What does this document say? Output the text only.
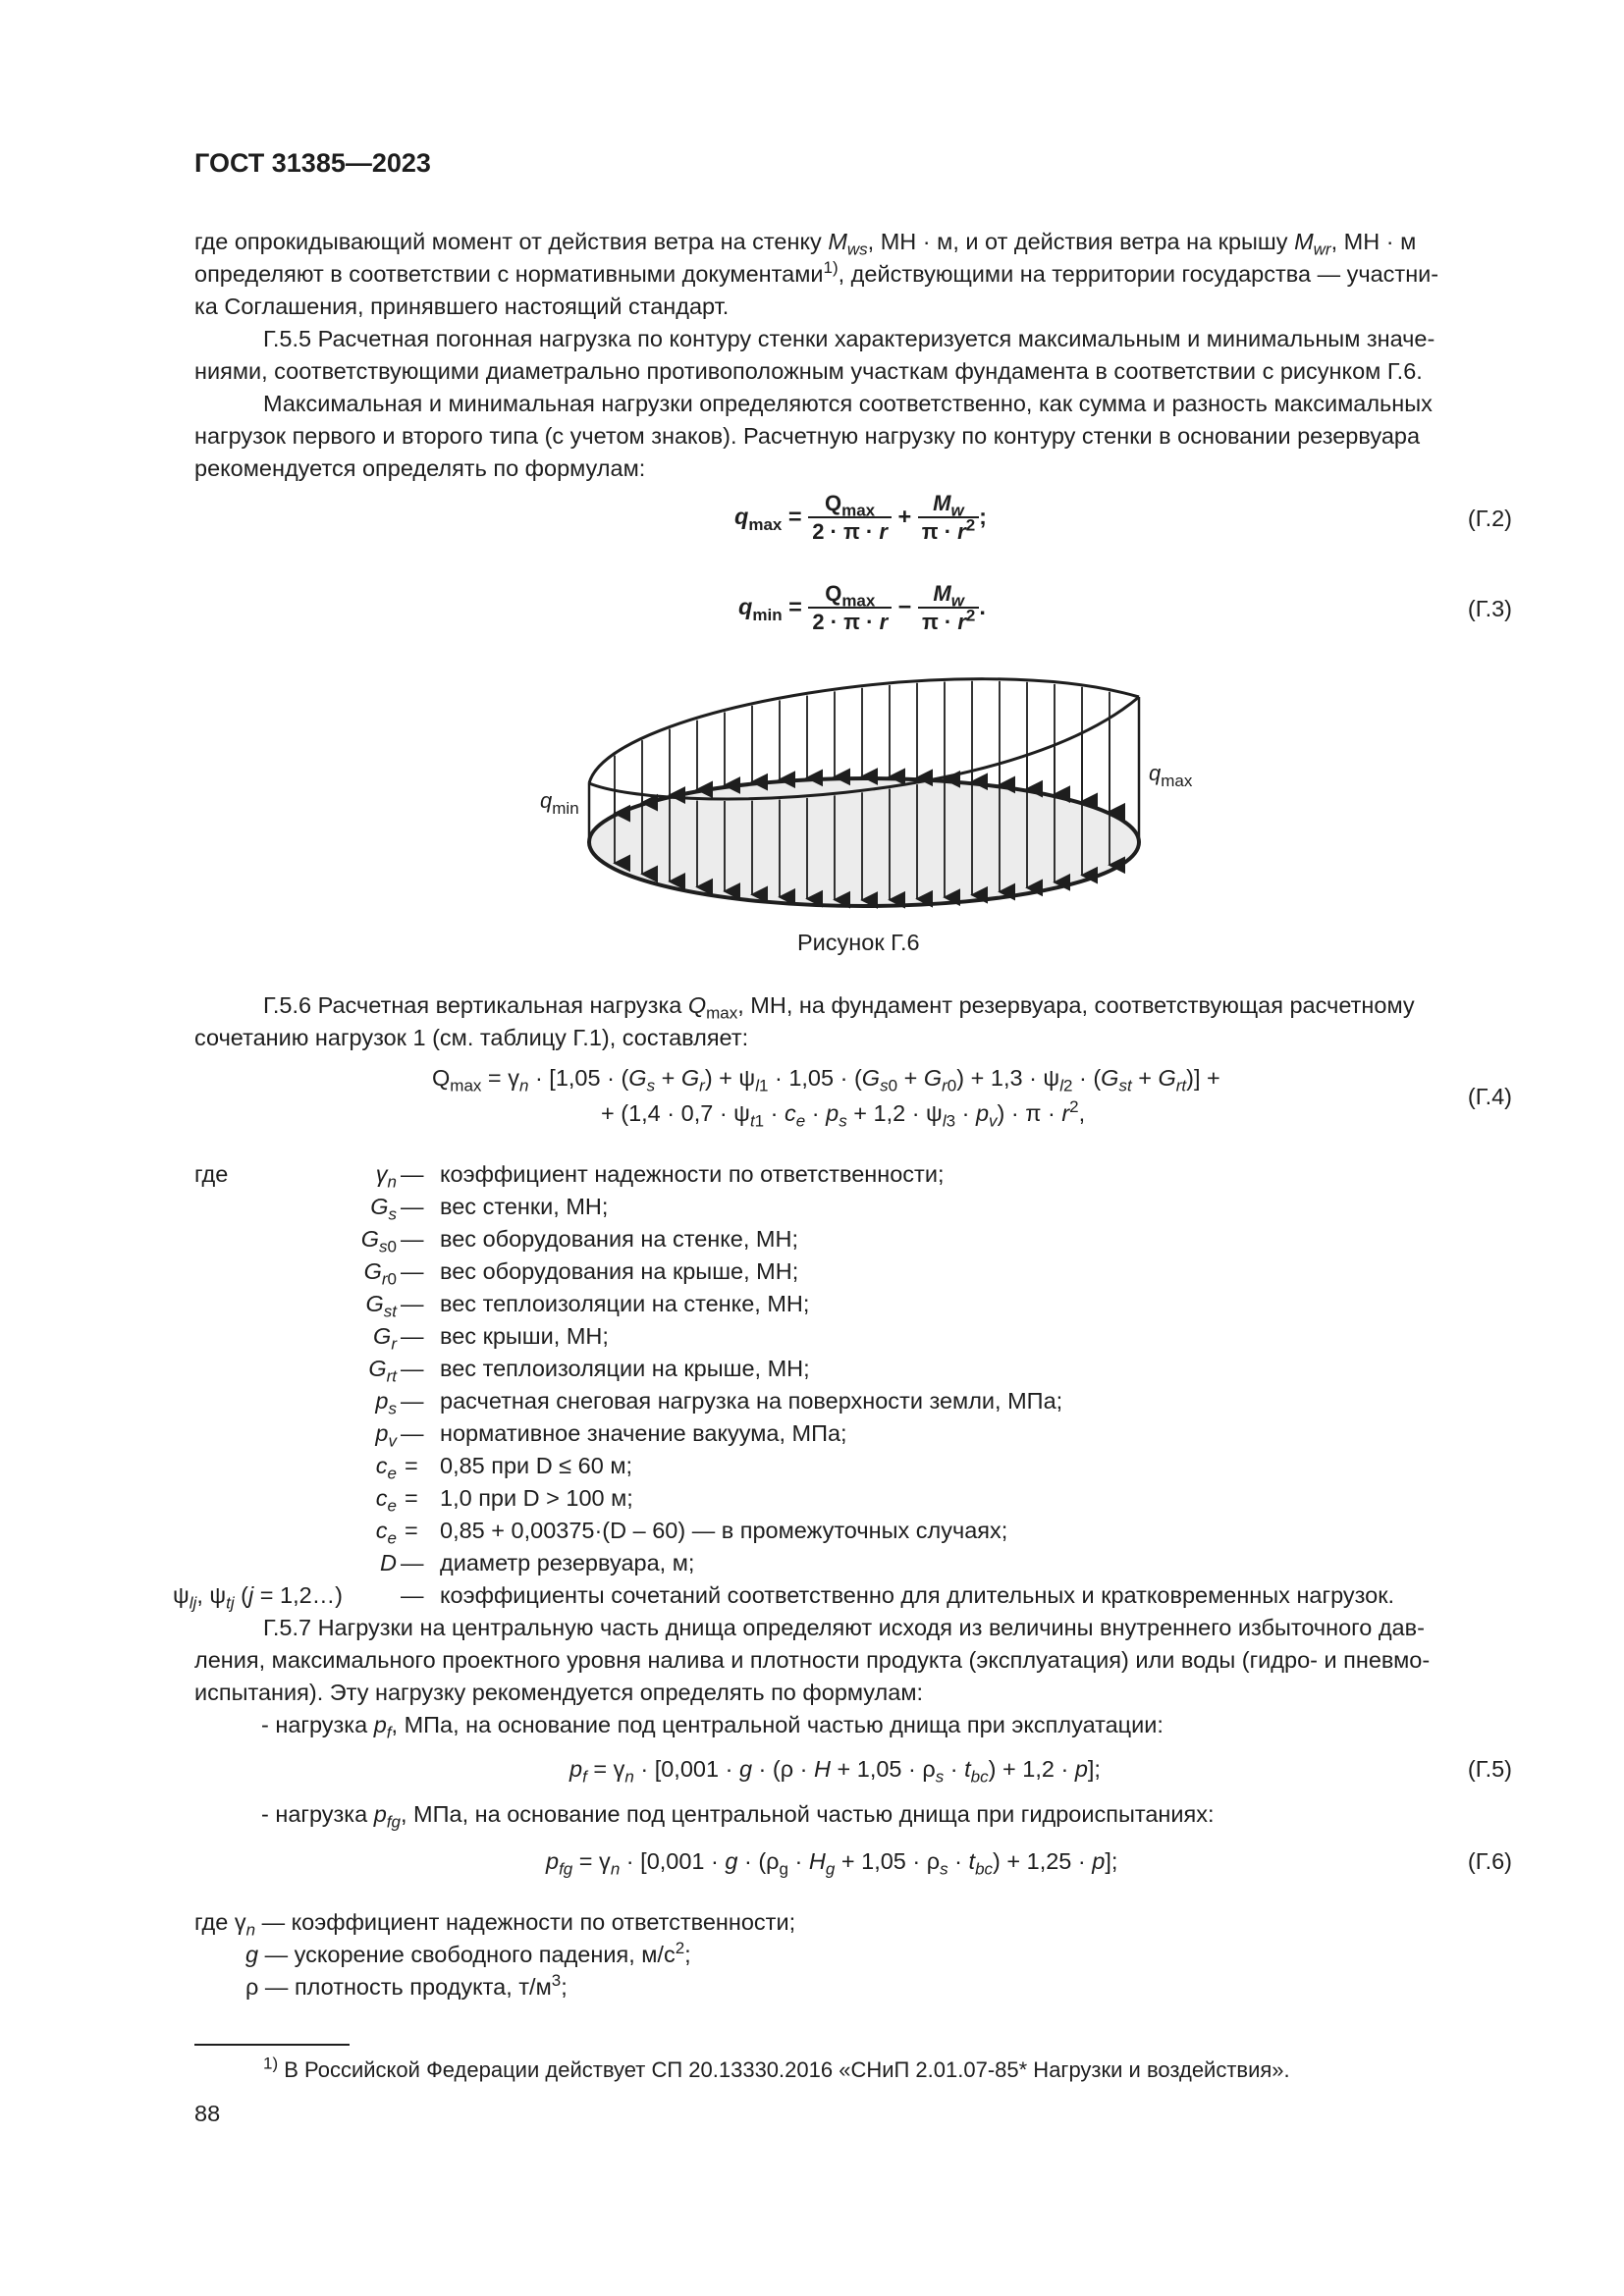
ГОСТ 31385—2023
где опрокидывающий момент от действия ветра на стенку $M_{ws}$, МН · м, и от действия ветра на крышу $M_{wr}$, МН · м
определяют в соответствии с нормативными документами$^{1)}$, действующими на территории государства — участни-
ка Соглашения, принявшего настоящий стандарт.
Г.5.5 Расчетная погонная нагрузка по контуру стенки характеризуется максимальным и минимальным значе-
ниями, соответствующими диаметрально противоположным участкам фундамента в соответствии с рисунком Г.6.
Максимальная и минимальная нагрузки определяются соответственно, как сумма и разность максимальных
нагрузок первого и второго типа (с учетом знаков). Расчетную нагрузку по контуру стенки в основании резервуара
рекомендуется определять по формулам:
$q_{max} = \frac{Q_{max}}{2 \cdot \pi \cdot r} + \frac{M_w}{\pi \cdot r^2}$ ;	(Г.2)
$q_{min} = \frac{Q_{max}}{2 \cdot \pi \cdot r} - \frac{M_w}{\pi \cdot r^2}$ .	(Г.3)
$q_{min}$
$q_{max}$
Рисунок Г.6
Г.5.6 Расчетная вертикальная нагрузка $Q_{max}$, МН, на фундамент резервуара, соответствующая расчетному
сочетанию нагрузок 1 (см. таблицу Г.1), составляет:
$Q_{max} = \gamma_n \cdot [1,05 \cdot (G_s + G_r) + \psi_{l1} \cdot 1,05 \cdot (G_{s0} + G_{r0}) + 1,3 \cdot \psi_{l2} \cdot (G_{st} + G_{rt})]$ +
+ $(1,4 \cdot 0,7 \cdot \psi_{t1} \cdot c_e \cdot p_s + 1,2 \cdot \psi_{l3} \cdot p_v) \cdot \pi \cdot r^2$,
(Г.4)
где	$\gamma_n$ — коэффициент надежности по ответственности;
$G_s$ — вес стенки, МН;
$G_{s0}$ — вес оборудования на стенке, МН;
$G_{r0}$ — вес оборудования на крыше, МН;
$G_{st}$ — вес теплоизоляции на стенке, МН;
$G_r$ — вес крыши, МН;
$G_{rt}$ — вес теплоизоляции на крыше, МН;
$p_s$ — расчетная снеговая нагрузка на поверхности земли, МПа;
$p_v$ — нормативное значение вакуума, МПа;
$c_e = 0,85$ при D ≤ 60 м;
$c_e = 1,0$ при D > 100 м;
$c_e = 0,85 + 0,00375\cdot(D - 60)$ — в промежуточных случаях;
D — диаметр резервуара, м;
$\psi_{lj}$, $\psi_{tj}$ (j = 1,2…)	— коэффициенты сочетаний соответственно для длительных и кратковременных нагрузок.
Г.5.7 Нагрузки на центральную часть днища определяют исходя из величины внутреннего избыточного дав-
ления, максимального проектного уровня налива и плотности продукта (эксплуатация) или воды (гидро- и пневмо-
испытания). Эту нагрузку рекомендуется определять по формулам:
- нагрузка $p_f$, МПа, на основание под центральной частью днища при эксплуатации:
$p_f = \gamma_n \cdot [0,001 \cdot g \cdot (\rho \cdot H + 1,05 \cdot \rho_s \cdot t_{bc}) + 1,2 \cdot p]$;	(Г.5)
- нагрузка $p_{fg}$, МПа, на основание под центральной частью днища при гидроиспытаниях:
$p_{fg} = \gamma_n \cdot [0,001 \cdot g \cdot (\rho_g \cdot H_g + 1,05 \cdot \rho_s \cdot t_{bc}) + 1,25 \cdot p]$;	(Г.6)
где $\gamma_n$ — коэффициент надежности по ответственности;
g — ускорение свободного падения, $м/с^2$;
ρ — плотность продукта, $т/м^3$;
$^{1)}$ В Российской Федерации действует СП 20.13330.2016 «СНиП 2.01.07-85* Нагрузки и воздействия».
88
